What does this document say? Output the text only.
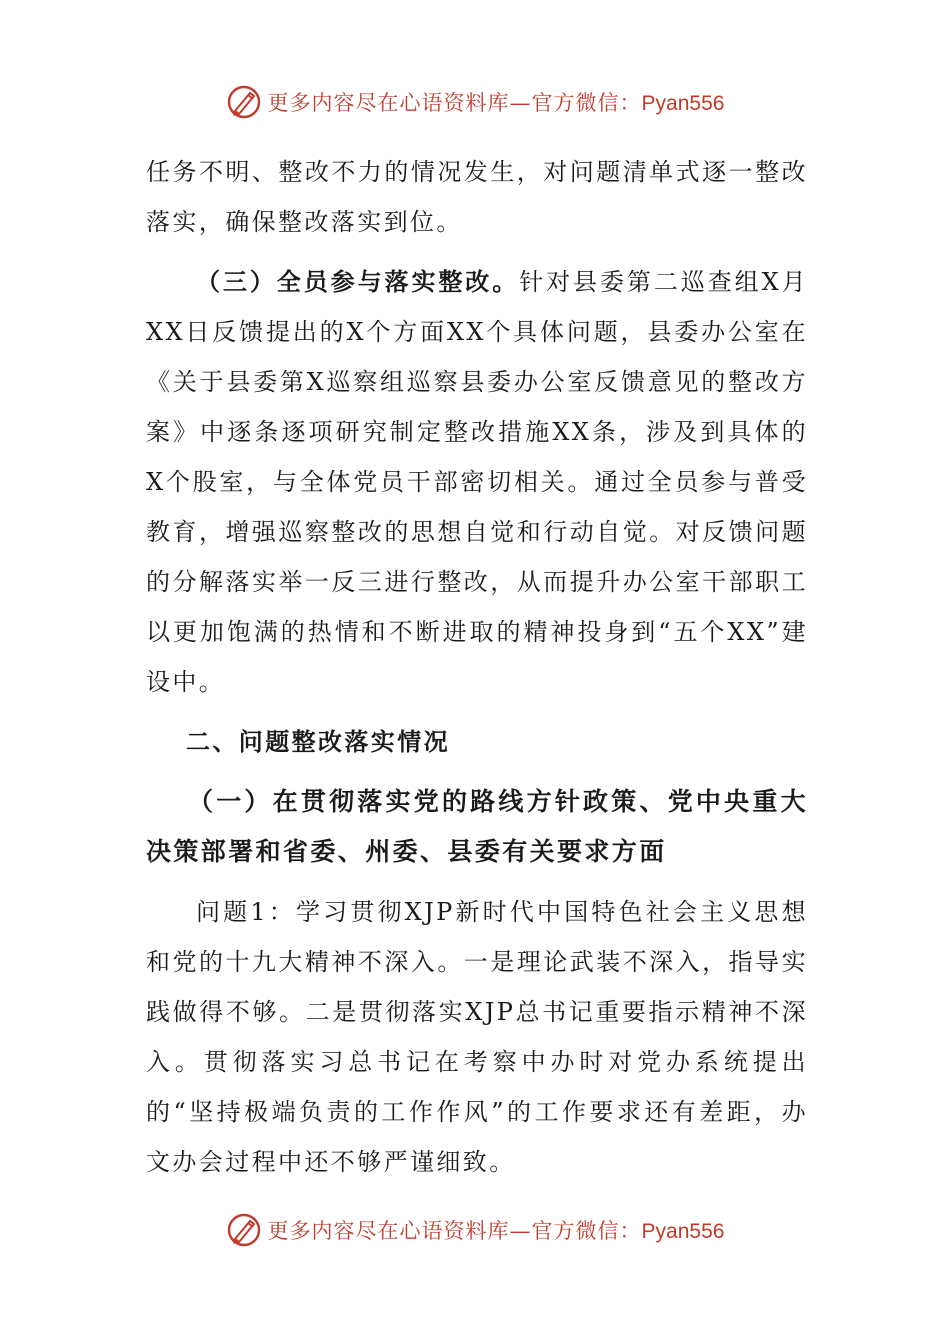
更多内容尽在心语资料库—官方微信：Pyan556

任务不明、整改不力的情况发生，对问题清单式逐一整改落实，确保整改落实到位。

（三）全员参与落实整改。针对县委第二巡查组X月XX日反馈提出的X个方面XX个具体问题，县委办公室在《关于县委第X巡察组巡察县委办公室反馈意见的整改方案》中逐条逐项研究制定整改措施XX条，涉及到具体的X个股室，与全体党员干部密切相关。通过全员参与普受教育，增强巡察整改的思想自觉和行动自觉。对反馈问题的分解落实举一反三进行整改，从而提升办公室干部职工以更加饱满的热情和不断进取的精神投身到“五个XX”建设中。

二、问题整改落实情况

（一）在贯彻落实党的路线方针政策、党中央重大决策部署和省委、州委、县委有关要求方面

问题1：学习贯彻XJP新时代中国特色社会主义思想和党的十九大精神不深入。一是理论武装不深入，指导实践做得不够。二是贯彻落实XJP总书记重要指示精神不深入。贯彻落实习总书记在考察中办时对党办系统提出的“坚持极端负责的工作作风”的工作要求还有差距，办文办会过程中还不够严谨细致。

更多内容尽在心语资料库—官方微信：Pyan556
